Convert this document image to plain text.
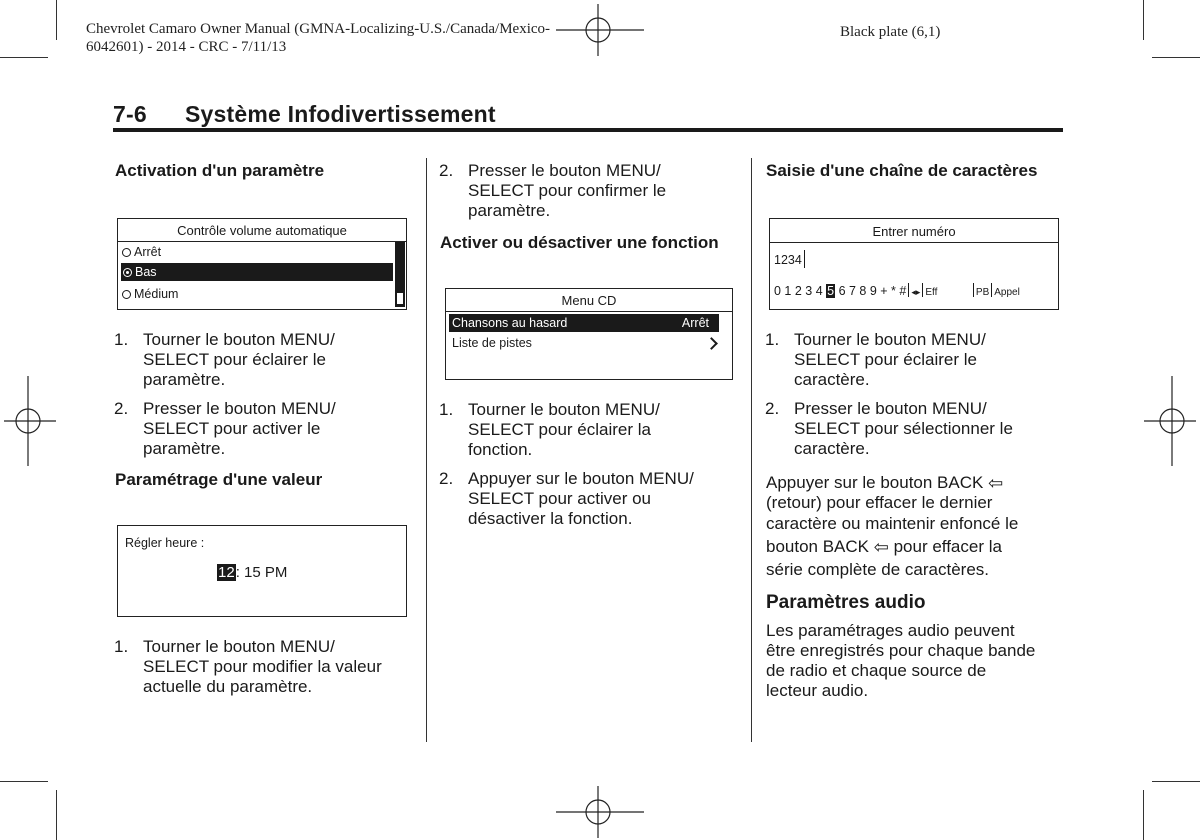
Chevrolet Camaro Owner Manual (GMNA-Localizing-U.S./Canada/Mexico-
6042601) - 2014 - CRC - 7/11/13
Black plate (6,1)
7-6 Système Infodivertissement
Activation d'un paramètre
Contrôle volume automatique
Arrêt
Bas
Médium
1. Tourner le bouton MENU/
SELECT pour éclairer le
paramètre.
2. Presser le bouton MENU/
SELECT pour activer le
paramètre.
Paramétrage d'une valeur
Régler heure :
12: 15 PM
1. Tourner le bouton MENU/
SELECT pour modifier la valeur
actuelle du paramètre.
2. Presser le bouton MENU/
SELECT pour confirmer le
paramètre.
Activer ou désactiver une fonction
Menu CD
Chansons au hasard	Arrêt
Liste de pistes
1. Tourner le bouton MENU/
SELECT pour éclairer la
fonction.
2. Appuyer sur le bouton MENU/
SELECT pour activer ou
désactiver la fonction.
Saisie d'une chaîne de caractères
Entrer numéro
1234
0 1 2 3 4 5 6 7 8 9 + * # ◂▸ Eff	PB Appel
1. Tourner le bouton MENU/
SELECT pour éclairer le
caractère.
2. Presser le bouton MENU/
SELECT pour sélectionner le
caractère.
Appuyer sur le bouton BACK ⇦
(retour) pour effacer le dernier
caractère ou maintenir enfoncé le
bouton BACK ⇦ pour effacer la
série complète de caractères.
Paramètres audio
Les paramétrages audio peuvent
être enregistrés pour chaque bande
de radio et chaque source de
lecteur audio.
